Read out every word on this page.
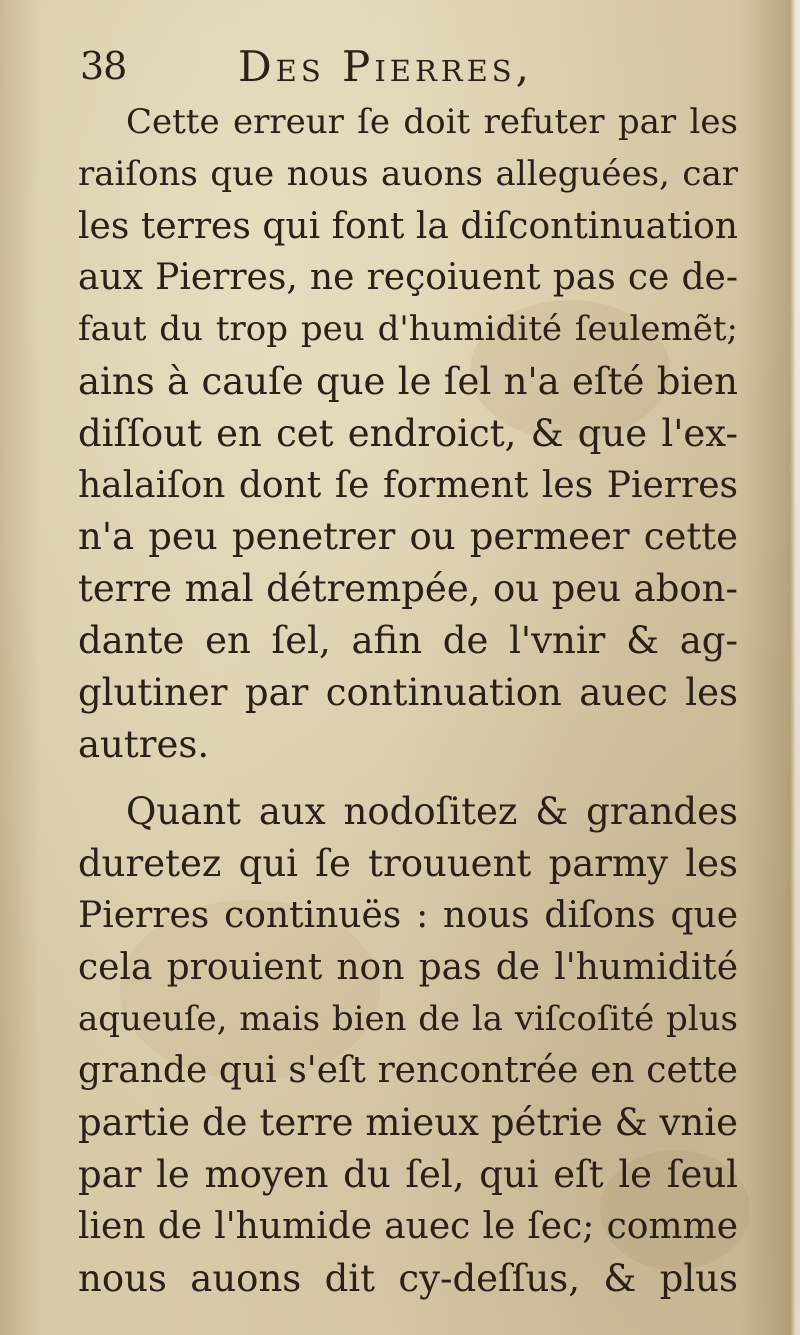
38	Des Pierres,
Cette erreur ſe doit refuter par les
raiſons que nous auons alleguées, car
les terres qui font la diſcontinuation
aux Pierres, ne reçoiuent pas ce de-
faut du trop peu d'humidité ſeulemẽt;
ains à cauſe que le ſel n'a eſté bien
diſſout en cet endroict, & que l'ex-
halaiſon dont ſe forment les Pierres
n'a peu penetrer ou permeer cette
terre mal détrempée, ou peu abon-
dante en ſel, afin de l'vnir & ag-
glutiner par continuation auec les
autres.
Quant aux nodoſitez & grandes
duretez qui ſe trouuent parmy les
Pierres continuës : nous diſons que
cela prouient non pas de l'humidité
aqueuſe, mais bien de la viſcoſité plus
grande qui s'eſt rencontrée en cette
partie de terre mieux pétrie & vnie
par le moyen du ſel, qui eſt le ſeul
lien de l'humide auec le ſec; comme
nous auons dit cy-deſſus, & plus
